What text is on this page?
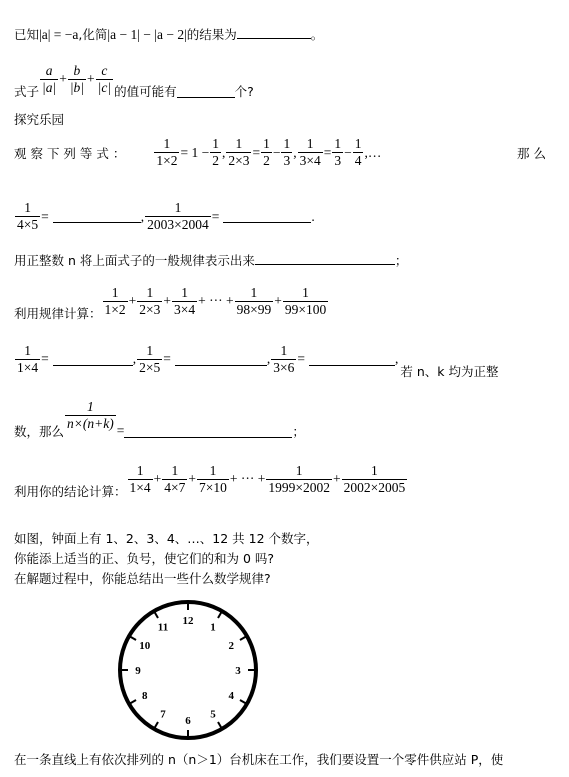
已知|a| = −a,化简|a − 1| − |a − 2|的结果为	。
式子 $\frac{a}{|a|} + \frac{b}{|b|} + \frac{c}{|c|}$ 的值可能有	个?
探究乐园
观 察 下 列 等 式 ： $\frac{1}{1\times 2} = 1 - \frac{1}{2}$ , $\frac{1}{2\times 3} = \frac{1}{2} - \frac{1}{3}$ , $\frac{1}{3\times 4} = \frac{1}{3} - \frac{1}{4}$ ,…	那 么
$\frac{1}{4\times 5}$ =	, $\frac{1}{2003\times 2004}$ =	.
用正整数 n 将上面式子的一般规律表示出来	；
利用规律计算： $\frac{1}{1\times 2} + \frac{1}{2\times 3} + \frac{1}{3\times 4}$ + ··· + $\frac{1}{98\times 99} + \frac{1}{99\times 100}$
$\frac{1}{1\times 4}$ =	, $\frac{1}{2\times 5}$ =	, $\frac{1}{3\times 6}$ =	,
若 n、k 均为正整
数，那么 $\frac{1}{n\times(n+k)}$ =	；
利用你的结论计算： $\frac{1}{1\times 4} + \frac{1}{4\times 7} + \frac{1}{7\times 10}$ + ··· + $\frac{1}{1999\times 2002} + \frac{1}{2002\times 2005}$
如图，钟面上有 1、2、3、4、…、12 共 12 个数字，
你能添上适当的正、负号，使它们的和为 0 吗?
在解题过程中，你能总结出一些什么数学规律?
12
1
2
3
4
5
6
7
8
9
10
11
在一条直线上有依次排列的 n（n＞1）台机床在工作，我们要设置一个零件供应站 P，使
